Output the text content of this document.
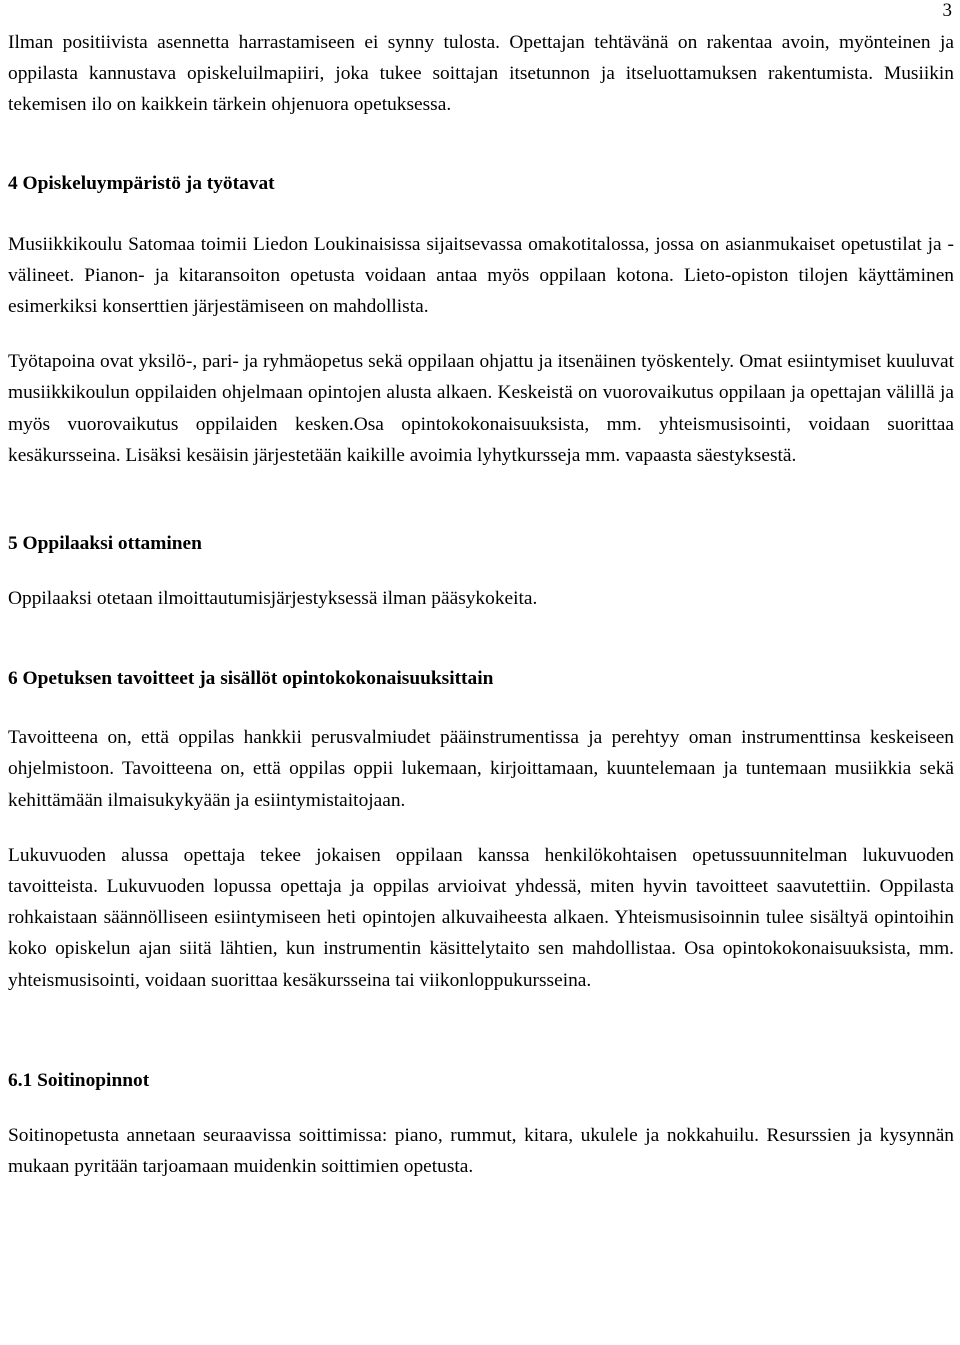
3

Ilman positiivista asennetta harrastamiseen ei synny tulosta. Opettajan tehtävänä on rakentaa avoin, myönteinen ja oppilasta kannustava opiskeluilmapiiri, joka tukee soittajan itsetunnon ja itseluottamuksen rakentumista. Musiikin tekemisen ilo on kaikkein tärkein ohjenuora opetuksessa.

4 Opiskeluympäristö ja työtavat

Musiikkikoulu Satomaa toimii Liedon Loukinaisissa sijaitsevassa omakotitalossa, jossa on asianmukaiset opetustilat ja -välineet. Pianon- ja kitaransoiton opetusta voidaan antaa myös oppilaan kotona. Lieto-opiston tilojen käyttäminen esimerkiksi konserttien järjestämiseen on mahdollista.

Työtapoina ovat yksilö-, pari- ja ryhmäopetus sekä oppilaan ohjattu ja itsenäinen työskentely. Omat esiintymiset kuuluvat musiikkikoulun oppilaiden ohjelmaan opintojen alusta alkaen. Keskeistä on vuorovaikutus oppilaan ja opettajan välillä ja myös vuorovaikutus oppilaiden kesken.Osa opintokokonaisuuksista, mm. yhteismusisointi, voidaan suorittaa kesäkursseina. Lisäksi kesäisin järjestetään kaikille avoimia lyhytkursseja mm. vapaasta säestyksestä.

5 Oppilaaksi ottaminen

Oppilaaksi otetaan ilmoittautumisjärjestyksessä ilman pääsykokeita.

6 Opetuksen tavoitteet ja sisällöt opintokokonaisuuksittain

Tavoitteena on, että oppilas hankkii perusvalmiudet pääinstrumentissa ja perehtyy oman instrumenttinsa keskeiseen ohjelmistoon. Tavoitteena on, että oppilas oppii lukemaan, kirjoittamaan, kuuntelemaan ja tuntemaan musiikkia sekä kehittämään ilmaisukykyään ja esiintymistaitojaan.

Lukuvuoden alussa opettaja tekee jokaisen oppilaan kanssa henkilökohtaisen opetussuunnitelman lukuvuoden tavoitteista. Lukuvuoden lopussa opettaja ja oppilas arvioivat yhdessä, miten hyvin tavoitteet saavutettiin. Oppilasta rohkaistaan säännölliseen esiintymiseen heti opintojen alkuvaiheesta alkaen. Yhteismusisoinnin tulee sisältyä opintoihin koko opiskelun ajan siitä lähtien, kun instrumentin käsittelytaito sen mahdollistaa. Osa opintokokonaisuuksista, mm. yhteismusisointi, voidaan suorittaa kesäkursseina tai viikonloppukursseina.

6.1 Soitinopinnot

Soitinopetusta annetaan seuraavissa soittimissa: piano, rummut, kitara, ukulele ja nokkahuilu. Resurssien ja kysynnän mukaan pyritään tarjoamaan muidenkin soittimien opetusta.
